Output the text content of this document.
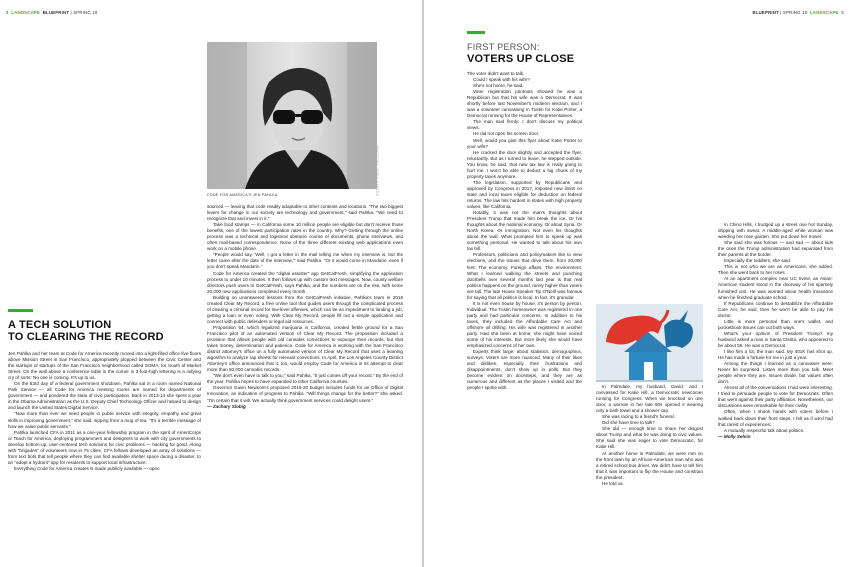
4 LANDSCAPE BLUEPRINT | SPRING 19
PHOTO BY JAMES HABARD
CODE FOR AMERICA'S JEN PAHLKA
A TECH SOLUTION
TO CLEARING THE RECORD

Jen Pahlka and her team at Code for America recently moved into a light-filled office five floors above Mission Street in San Francisco, appropriately plopped between the Civic Center and the startups of startups of the San Francisco neighborhood called SOMA, for South of Market Street. On the wall above a conference table in the corner in 3-foot-high lettering is a rallying cry of sorts: No one is coming. It's up to us.

On the 63rd day of a federal government shutdown, Pahlka sat in a room named National Park Service — all Code for America meeting rooms are named for departments of government — and pondered the state of civic participation. Back in 2013-14 she spent a year in the Obama Administration as the U.S. Deputy Chief Technology Officer and helped to design and launch the United States Digital Service.

"Now more than ever we need people in public service with integrity, empathy and great skills in improving government," she said, sipping from a mug of tea. "It's a terrible message of how we value public servants."

Pahlka launched CFA in 2011 as a one-year fellowship program in the spirit of AmeriCorps or Teach for America, deploying programmers and designers to work with city governments to develop bottom-up, user-centered tech solutions for civic problems — hacking for good. Along with "brigades" of volunteers now in 75 cities, CFA fellows developed an array of solutions — from text bots that tell people where they can find available shelter space during a disaster, to an "adopt a hydrant" app for residents to support local infrastructure.

Everything Code for America creates is made publicly available — open

sourced — leaving that code readily adaptable to other contexts and locations. "The two biggest levers for change in our society are technology and government," said Pahlka. "We need to recognize that and invest in it."

Take food stamps — in California some 10 million people are eligible but don't receive those benefits, one of the lowest participation rates in the country. Why? Getting through the online process was a technical and logistical obstacle course of documents, phone interviews, and often mail-based correspondence. None of the three different existing web applications even work on a mobile phone.

"People would say, 'Well, I got a letter in the mail telling me when my interview is, but the letter came after the date of the interview,'" said Pahlka. "Or it would come in Mandarin, even if you don't speak Mandarin."

Code for America created the "digital assister" app GetCalFresh, simplifying the application process to under 10 minutes. It then follows up with custom text messages. Now, county welfare directors push users to GetCalFresh, says Pahlka, and the numbers are on the rise, with some 20,000 new applications completed every month.

Building on unanswered lessons from the GetCalFresh initiative, Pahlka's team in 2016 created Clear My Record, a free online tool that guides users through the complicated process of clearing a criminal record for low-level offenses, which can be an impediment to landing a job, getting a loan or even voting. With Clear My Record, people fill out a simple application and connect with public defenders or legal aid resources.

Proposition 64, which legalized marijuana in California, created fertile ground for a San Francisco pilot of an automated version of Clear My Record. The proposition included a provision that allows people with old cannabis convictions to expunge their records, but that takes money, determination and patience. Code for America is working with the San Francisco district attorney's office on a fully automated version of Clear My Record that uses a learning algorithm to analyze rap sheets for relevant convictions. In April, the Los Angeles County District Attorney's office announced that it, too, would employ Code for America in its attempt to clear more than 50,000 cannabis records.

"We don't even have to talk to you," said Pahlka. "It just comes off your record." By the end of the year, Pahlka hopes to have expanded to other California counties.

Governor Gavin Newsom's proposed 2019-20 budget includes funds for an Office of Digital Innovation, an indication of progress to Pahlka. "Will things change for the better?" she asked. "I'm certain that it will. We actually think government services could delight users."

— Zachary Slobig

BLUEPRINT | SPRING 19 LANDSCAPE 5
FIRST PERSON:
VOTERS UP CLOSE

The voter didn't want to talk.

Could I speak with his wife?

She's not home, he said.

Voter registration printouts showed he was a Republican but that his wife was a Democrat. It was shortly before last November's midterm election, and I was a volunteer canvassing in Tustin for Katie Porter, a Democrat running for the House of Representatives.

The man said firmly: I don't discuss my political views.

He did not open his screen door.

Well, would you give this flyer about Katie Porter to your wife?

He cracked the door slightly and accepted the flyer, reluctantly. But as I turned to leave, he stepped outside. You know, he said, that new tax law is really going to hurt me. I won't be able to deduct a big chunk of my property taxes anymore.

The legislation, supported by Republicans and approved by Congress in 2017, imposed new limits on state and local taxes eligible for deduction on federal returns. The law hits hardest in states with high property values, like California.

Notably, it was not the man's thoughts about President Trump that made him break the ice. Or his thoughts about the national economy. Or about Syria. Or North Korea. Or immigration. Not even his thoughts about the wall. What prompted him to speak up was something personal. He wanted to talk about his own tax bill.

Professors, politicians and policymakers like to view elections, and the issues that drive them, from 20,000 feet: The economy. Foreign affairs. The environment. What I learned walking the streets and punching doorbells over several months last year is that real politics happens on the ground, rarely higher than voters are tall. The late House Speaker Tip O'Neill was famous for saying that all politics is local. In fact, it's granular.

It is not even house by house; it's person by person. Individual. The Tustin homeowner was registered in one party and had particular concerns. In addition to his taxes, they included the Affordable Care Act and offshore oil drilling. His wife was registered in another party. Had she been at home, she might have voiced some of his interests. But more likely she would have emphasized concerns of her own.

Experts think large: about statistics, demographics, surveys. Voters are more nuanced. Many of their likes and dislikes, especially their frustrations and disappointments, don't show up in polls. But they become evident on doorsteps, and they are as numerous and different as the places I visited and the people I spoke with.	In Palmdale, my husband, David, and I canvassed for Katie Hill, a Democratic newcomer running for Congress. When we knocked on one door, a woman in her late 60s opened it wearing only a bath towel and a shower cap.

She was racing to a friend's funeral.

Did she have time to talk?

She did — enough time to share her disgust about Trump and what he was doing to civic values. She said she was eager to vote Democratic, for Katie Hill.

At another home in Palmdale, we were met on the front lawn by an African-American man who was a retired school bus driver. We didn't have to tell him that it was important to flip the House and constrain the president.

He told us.

In Chino Hills, I trudged up a street one hot Sunday, dripping with sweat. A middle-aged white woman was weeding her rose garden. She put down her trowel.

She said she was furious — and sad — about kids the ones the Trump administration had separated from their parents at the border.

Especially the toddlers, she said.

This is not who we are as Americans, she added. Then she went back to her roses.

At an apartment complex near UC Irvine, an Asian-American student stood in the doorway of his sparsely furnished unit. He was worried about health insurance when he finished graduate school.

If Republicans continue to destabilize the Affordable Care Act, he said, then he won't be able to pay his doctor.

Little is more personal than one's wallet, and pocketbook issues can cut both ways.

What's your opinion of President Trump? my husband asked a man in Santa Clarita, who appeared to be about 55. He was a Democrat.

I like him a lot, the man said. My 401K has shot up. He has made a fortune for me in just a year.

Among the things I learned as a canvasser were: Never be surprised. Listen more than you talk. Meet people where they are. Issues divide, but values often don't.

Almost all of the conversations I had were interesting. I tried to persuade people to vote for Democrats. Often that went against their party affiliation. Nonetheless, our discussions were remarkable for their civility.

Often, when I shook hands with voters before I walked back down their front steps, I felt as if we'd had that rarest of experiences:

A mutually respectful talk about politics.

— Molly Selvin
